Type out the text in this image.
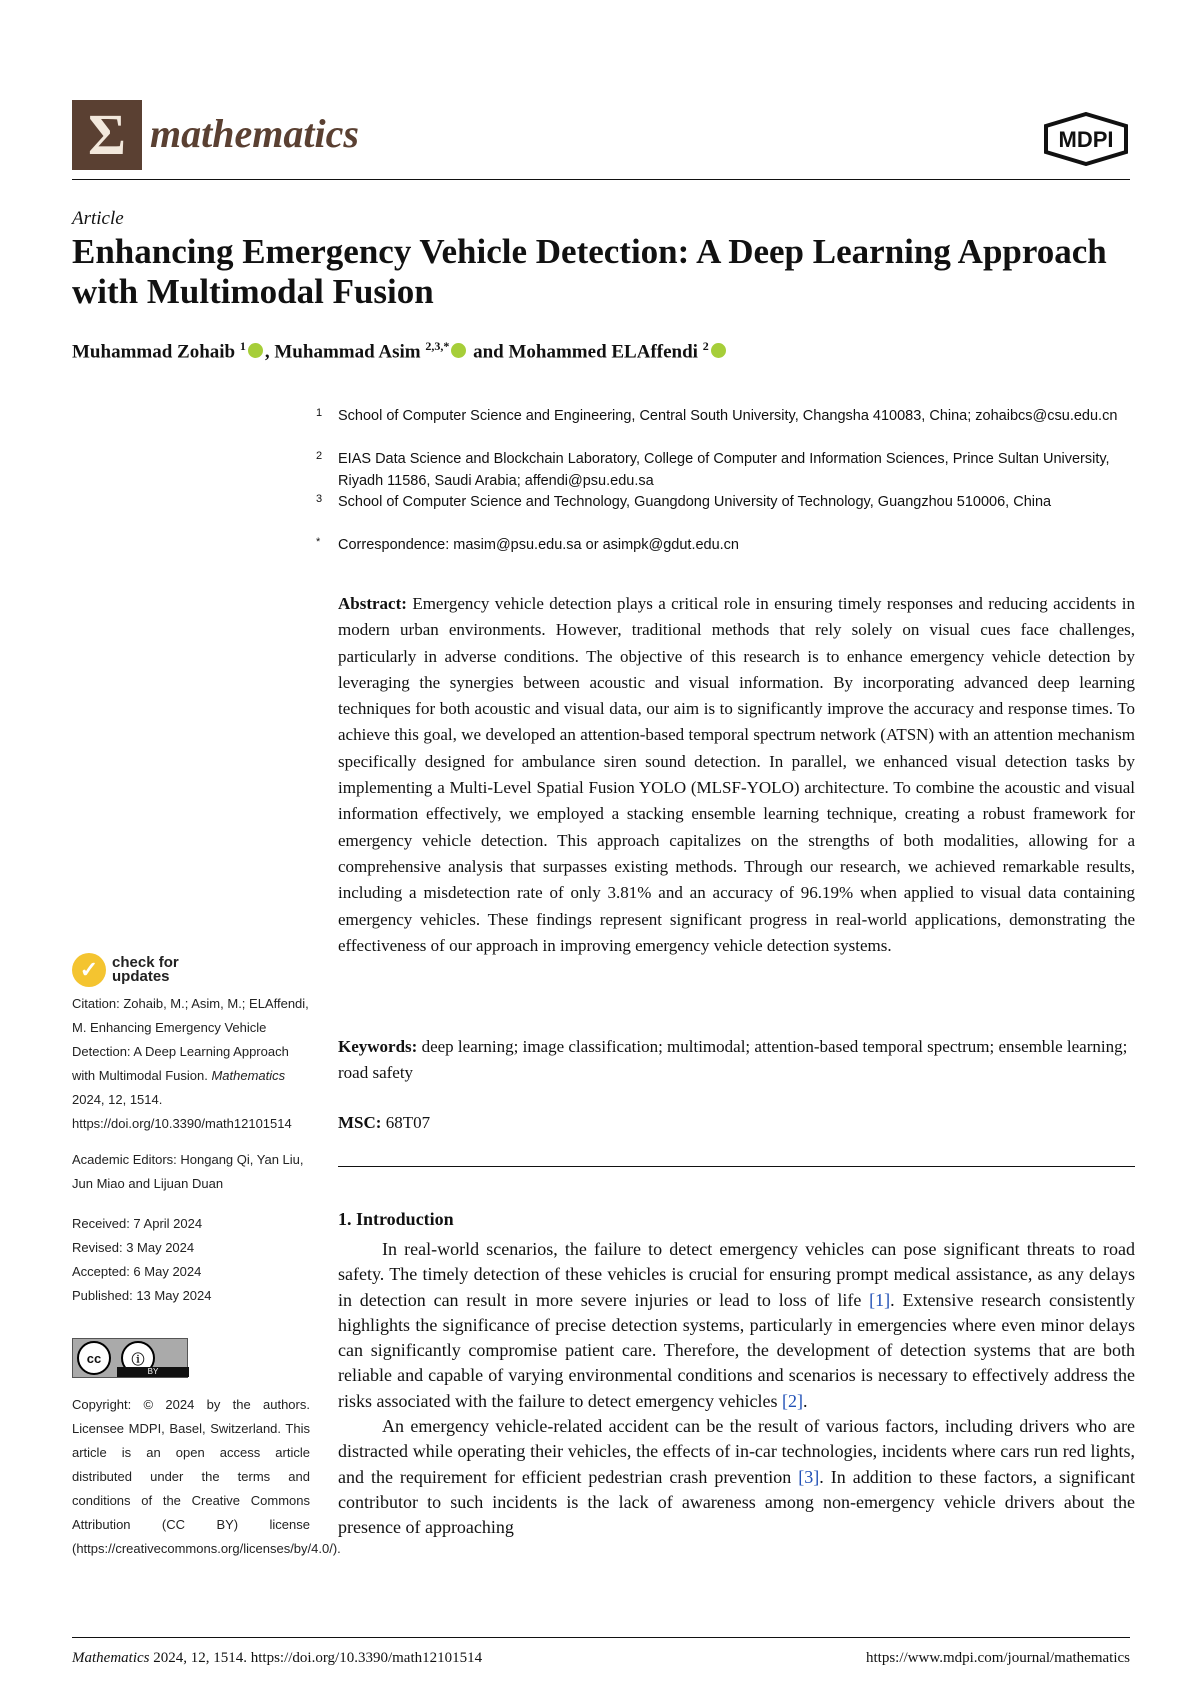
Σ mathematics	MDPI
Article
Enhancing Emergency Vehicle Detection: A Deep Learning Approach with Multimodal Fusion
Muhammad Zohaib $^1$ , Muhammad Asim $^{2,3,*}$ and Mohammed ELAffendi $^2$
1 School of Computer Science and Engineering, Central South University, Changsha 410083, China; zohaibcs@csu.edu.cn
2 EIAS Data Science and Blockchain Laboratory, College of Computer and Information Sciences, Prince Sultan University, Riyadh 11586, Saudi Arabia; affendi@psu.edu.sa
3 School of Computer Science and Technology, Guangdong University of Technology, Guangzhou 510006, China
* Correspondence: masim@psu.edu.sa or asimpk@gdut.edu.cn
Abstract: Emergency vehicle detection plays a critical role in ensuring timely responses and reducing accidents in modern urban environments. However, traditional methods that rely solely on visual cues face challenges, particularly in adverse conditions. The objective of this research is to enhance emergency vehicle detection by leveraging the synergies between acoustic and visual information. By incorporating advanced deep learning techniques for both acoustic and visual data, our aim is to significantly improve the accuracy and response times. To achieve this goal, we developed an attention-based temporal spectrum network (ATSN) with an attention mechanism specifically designed for ambulance siren sound detection. In parallel, we enhanced visual detection tasks by implementing a Multi-Level Spatial Fusion YOLO (MLSF-YOLO) architecture. To combine the acoustic and visual information effectively, we employed a stacking ensemble learning technique, creating a robust framework for emergency vehicle detection. This approach capitalizes on the strengths of both modalities, allowing for a comprehensive analysis that surpasses existing methods. Through our research, we achieved remarkable results, including a misdetection rate of only 3.81% and an accuracy of 96.19% when applied to visual data containing emergency vehicles. These findings represent significant progress in real-world applications, demonstrating the effectiveness of our approach in improving emergency vehicle detection systems.
Keywords: deep learning; image classification; multimodal; attention-based temporal spectrum; ensemble learning; road safety
MSC: 68T07
1. Introduction

In real-world scenarios, the failure to detect emergency vehicles can pose significant threats to road safety. The timely detection of these vehicles is crucial for ensuring prompt medical assistance, as any delays in detection can result in more severe injuries or lead to loss of life [1]. Extensive research consistently highlights the significance of precise detection systems, particularly in emergencies where even minor delays can significantly compromise patient care. Therefore, the development of detection systems that are both reliable and capable of varying environmental conditions and scenarios is necessary to effectively address the risks associated with the failure to detect emergency vehicles [2].

An emergency vehicle-related accident can be the result of various factors, including drivers who are distracted while operating their vehicles, the effects of in-car technologies, incidents where cars run red lights, and the requirement for efficient pedestrian crash prevention [3]. In addition to these factors, a significant contributor to such incidents is the lack of awareness among non-emergency vehicle drivers about the presence of approaching

✓ check for updates
Citation: Zohaib, M.; Asim, M.; ELAffendi, M. Enhancing Emergency Vehicle Detection: A Deep Learning Approach with Multimodal Fusion. Mathematics 2024, 12, 1514. https://doi.org/10.3390/math12101514
Academic Editors: Hongang Qi, Yan Liu, Jun Miao and Lijuan Duan
Received: 7 April 2024
Revised: 3 May 2024
Accepted: 6 May 2024
Published: 13 May 2024
cc	ⓘ
BY
Copyright: © 2024 by the authors. Licensee MDPI, Basel, Switzerland. This article is an open access article distributed under the terms and conditions of the Creative Commons Attribution (CC BY) license (https://creativecommons.org/licenses/by/4.0/).
Mathematics 2024, 12, 1514. https://doi.org/10.3390/math12101514	https://www.mdpi.com/journal/mathematics
